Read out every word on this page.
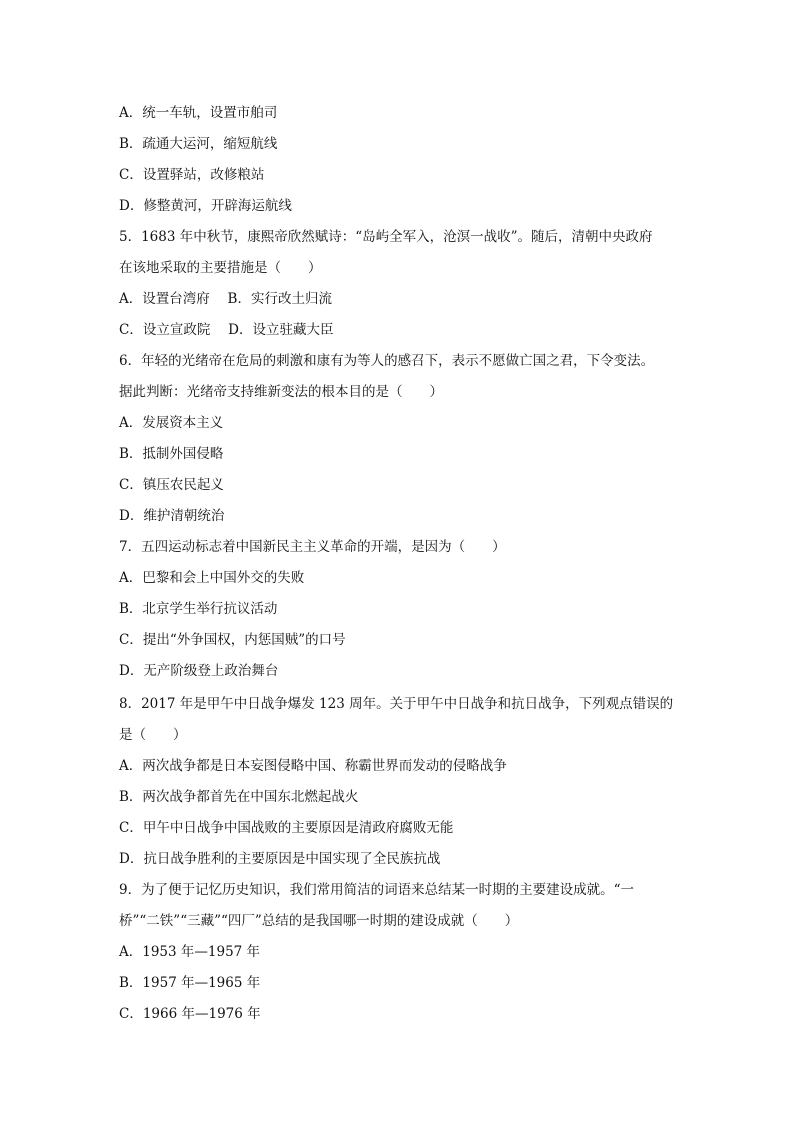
A．统一车轨，设置市舶司
B．疏通大运河，缩短航线
C．设置驿站，改修粮站
D．修整黄河，开辟海运航线
5．1683 年中秋节，康熙帝欣然赋诗：“岛屿全军入，沧溟一战收”。随后，清朝中央政府
在该地采取的主要措施是（　　）
A．设置台湾府　 B．实行改土归流
C．设立宣政院　 D．设立驻藏大臣
6．年轻的光绪帝在危局的刺激和康有为等人的感召下，表示不愿做亡国之君，下令变法。
据此判断：光绪帝支持维新变法的根本目的是（　　）
A．发展资本主义
B．抵制外国侵略
C．镇压农民起义
D．维护清朝统治
7．五四运动标志着中国新民主主义革命的开端，是因为（　　）
A．巴黎和会上中国外交的失败
B．北京学生举行抗议活动
C．提出“外争国权，内惩国贼”的口号
D．无产阶级登上政治舞台
8．2017 年是甲午中日战争爆发 123 周年。关于甲午中日战争和抗日战争，下列观点错误的
是（　　）
A．两次战争都是日本妄图侵略中国、称霸世界而发动的侵略战争
B．两次战争都首先在中国东北燃起战火
C．甲午中日战争中国战败的主要原因是清政府腐败无能
D．抗日战争胜利的主要原因是中国实现了全民族抗战
9．为了便于记忆历史知识，我们常用简洁的词语来总结某一时期的主要建设成就。“一
桥”“二铁”“三藏”“四厂”总结的是我国哪一时期的建设成就（　　）
A．1953 年—1957 年
B．1957 年—1965 年
C．1966 年—1976 年
